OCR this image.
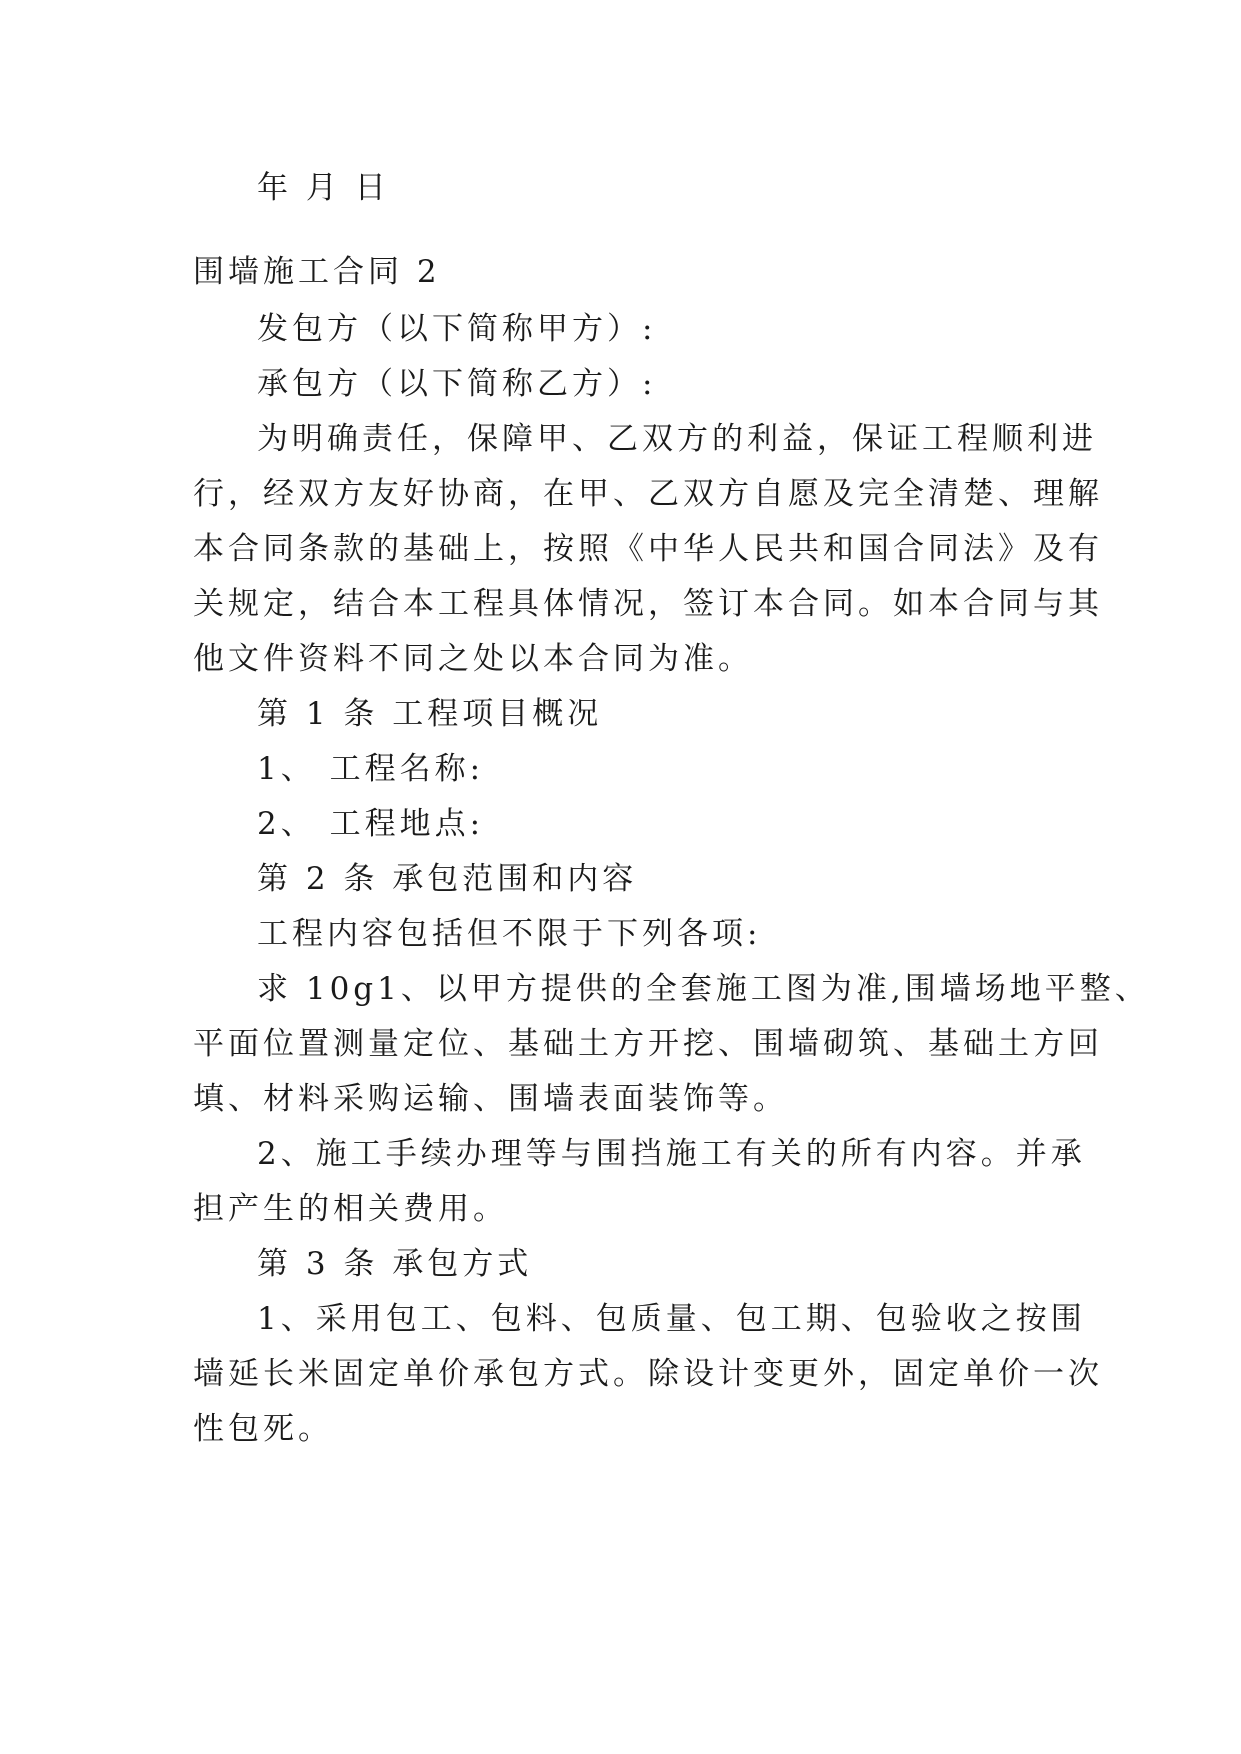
年 月 日
围墙施工合同 2
发包方（以下简称甲方）:
承包方（以下简称乙方）:
为明确责任，保障甲、乙双方的利益，保证工程顺利进
行，经双方友好协商，在甲、乙双方自愿及完全清楚、理解
本合同条款的基础上，按照《中华人民共和国合同法》及有
关规定，结合本工程具体情况，签订本合同。如本合同与其
他文件资料不同之处以本合同为准。
第 1 条 工程项目概况
1、 工程名称:
2、 工程地点:
第 2 条 承包范围和内容
工程内容包括但不限于下列各项:
求 10g1、以甲方提供的全套施工图为准,围墙场地平整、
平面位置测量定位、基础土方开挖、围墙砌筑、基础土方回
填、材料采购运输、围墙表面装饰等。
2、施工手续办理等与围挡施工有关的所有内容。并承
担产生的相关费用。
第 3 条 承包方式
1、采用包工、包料、包质量、包工期、包验收之按围
墙延长米固定单价承包方式。除设计变更外，固定单价一次
性包死。
